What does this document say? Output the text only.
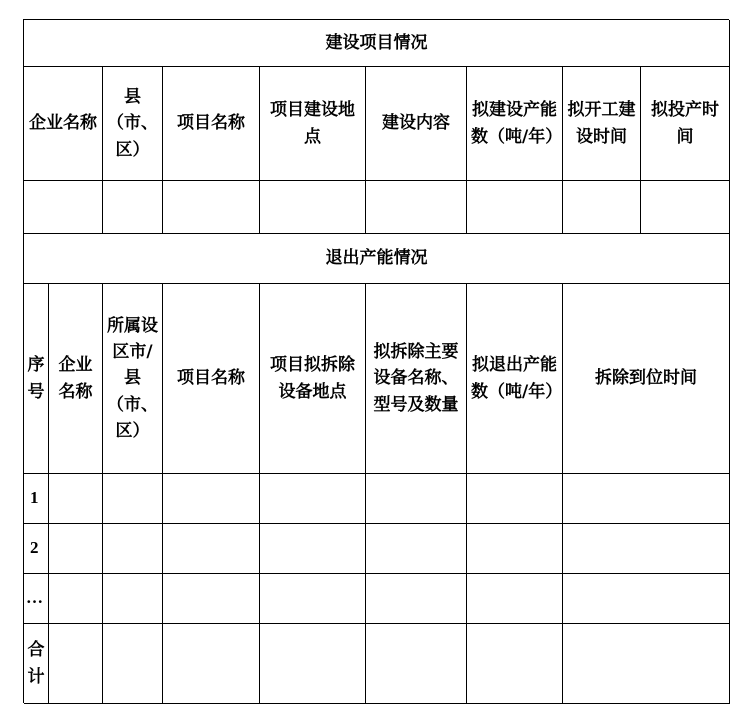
建设项目情况
企业名称
县（市、区）
项目名称
项目建设地点
建设内容
拟建设产能数（吨/年）
拟开工建设时间
拟投产时间
退出产能情况
序号
企业名称
所属设区市/县（市、区）
项目名称
项目拟拆除设备地点
拟拆除主要设备名称、型号及数量
拟退出产能数（吨/年）
拆除到位时间
1
2
…
合计
